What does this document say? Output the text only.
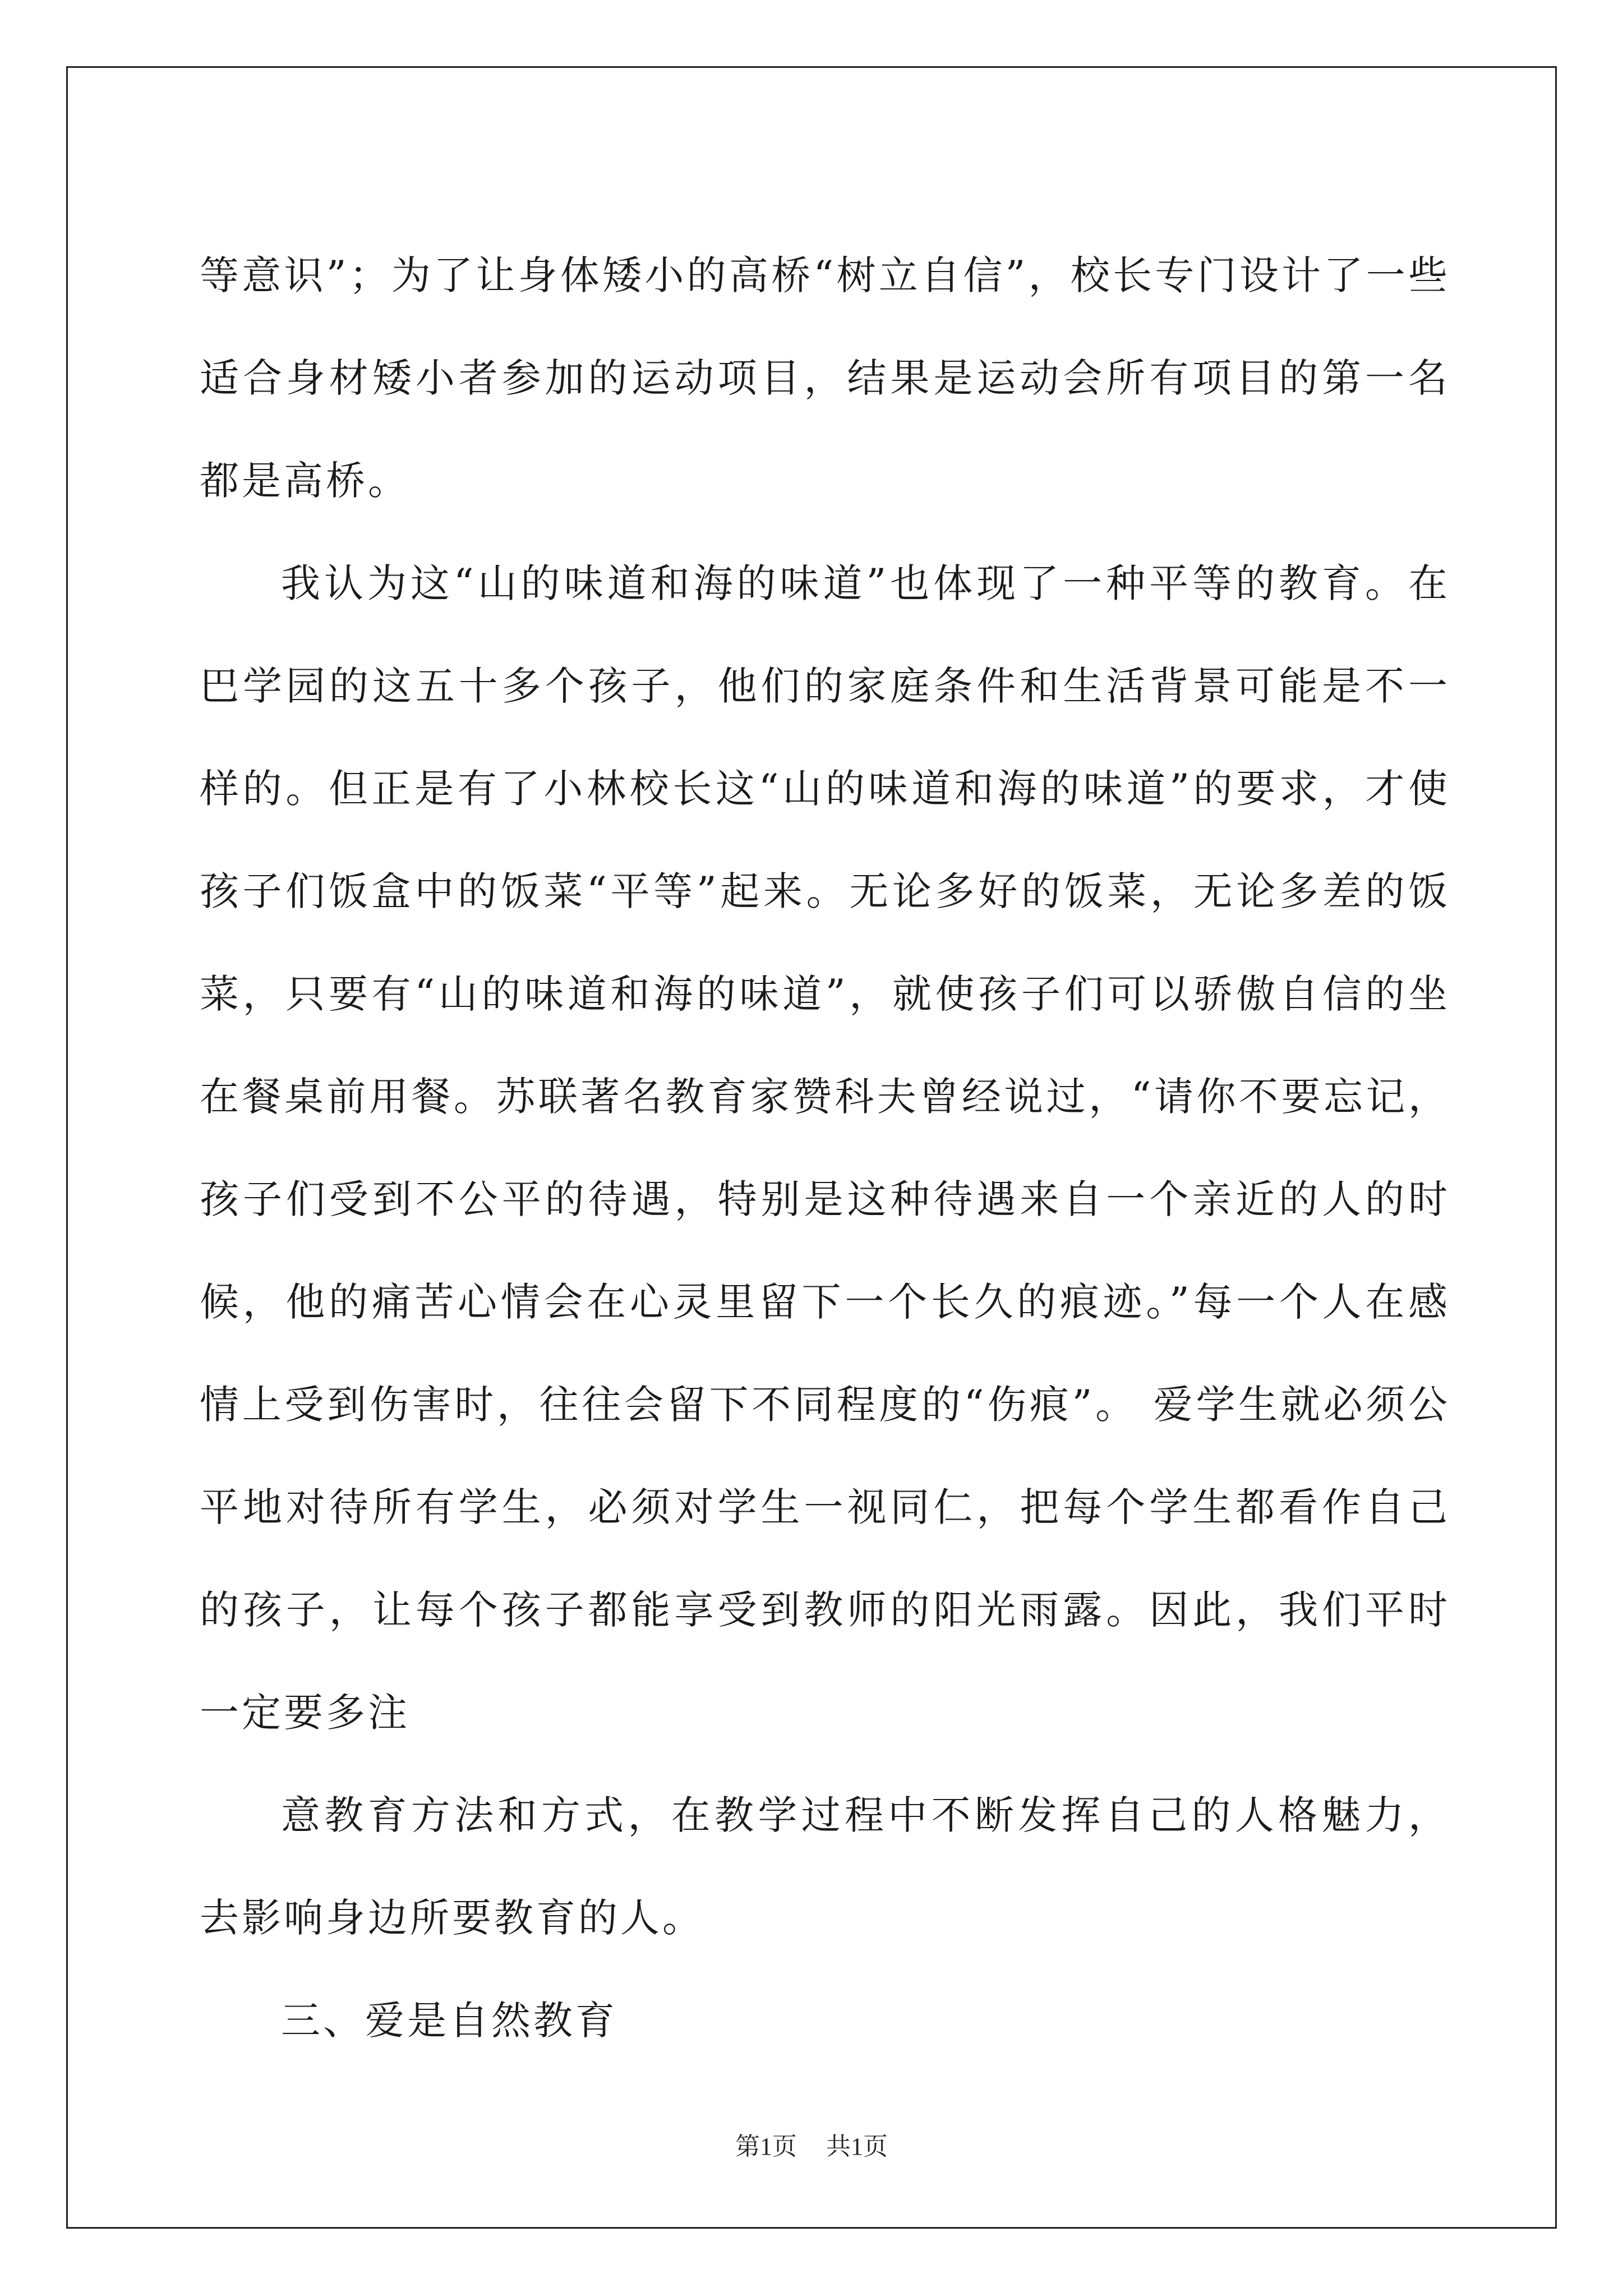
等意识”；为了让身体矮小的高桥“树立自信”，校长专门设计了一些适合身材矮小者参加的运动项目，结果是运动会所有项目的第一名都是高桥。

我认为这“山的味道和海的味道”也体现了一种平等的教育。在巴学园的这五十多个孩子，他们的家庭条件和生活背景可能是不一样的。但正是有了小林校长这“山的味道和海的味道”的要求，才使孩子们饭盒中的饭菜“平等”起来。无论多好的饭菜，无论多差的饭菜，只要有“山的味道和海的味道”，就使孩子们可以骄傲自信的坐在餐桌前用餐。苏联著名教育家赞科夫曾经说过，“请你不要忘记，孩子们受到不公平的待遇，特别是这种待遇来自一个亲近的人的时候，他的痛苦心情会在心灵里留下一个长久的痕迹。”每一个人在感情上受到伤害时，往往会留下不同程度的“伤痕”。 爱学生就必须公平地对待所有学生，必须对学生一视同仁，把每个学生都看作自己的孩子，让每个孩子都能享受到教师的阳光雨露。因此，我们平时一定要多注

意教育方法和方式，在教学过程中不断发挥自己的人格魅力，去影响身边所要教育的人。

三、爱是自然教育

第1页 共1页
